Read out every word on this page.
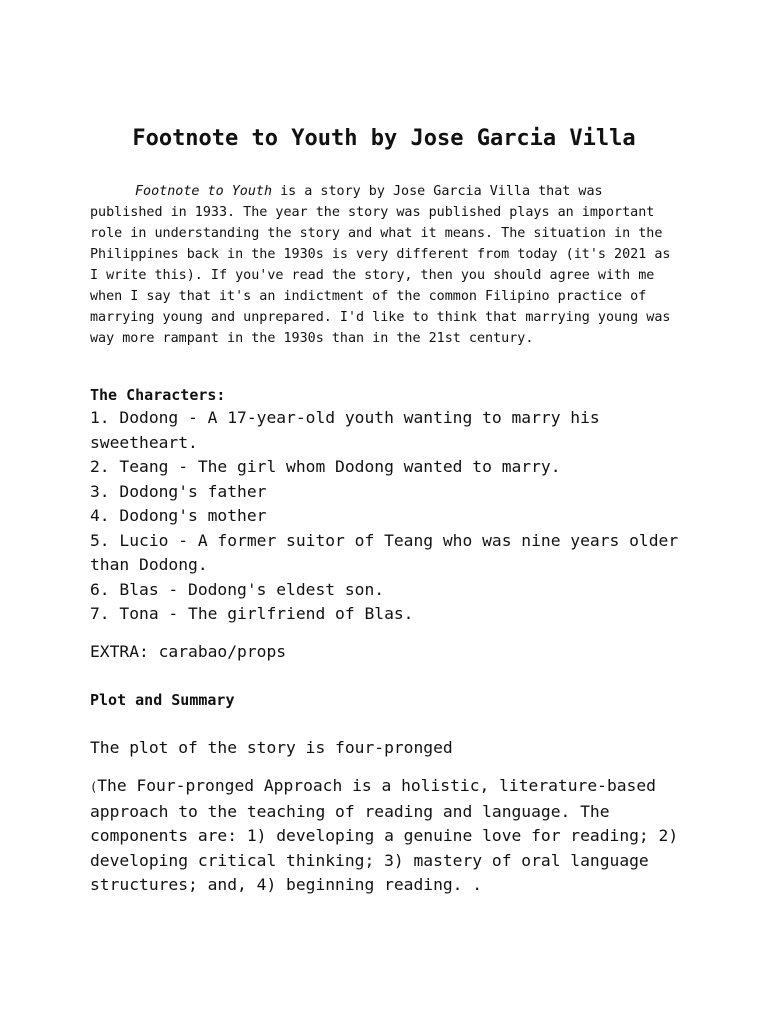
Footnote to Youth by Jose Garcia Villa

Footnote to Youth is a story by Jose Garcia Villa that was published in 1933. The year the story was published plays an important role in understanding the story and what it means. The situation in the Philippines back in the 1930s is very different from today (it's 2021 as I write this). If you've read the story, then you should agree with me when I say that it's an indictment of the common Filipino practice of marrying young and unprepared. I'd like to think that marrying young was way more rampant in the 1930s than in the 21st century.

The Characters:

1. Dodong - A 17-year-old youth wanting to marry his sweetheart.
2. Teang - The girl whom Dodong wanted to marry.
3. Dodong's father
4. Dodong's mother
5. Lucio - A former suitor of Teang who was nine years older than Dodong.
6. Blas - Dodong's eldest son.
7. Tona - The girlfriend of Blas.

EXTRA: carabao/props

Plot and Summary

The plot of the story is four-pronged

(The Four-pronged Approach is a holistic, literature-based approach to the teaching of reading and language. The components are: 1) developing a genuine love for reading; 2) developing critical thinking; 3) mastery of oral language structures; and, 4) beginning reading. .
